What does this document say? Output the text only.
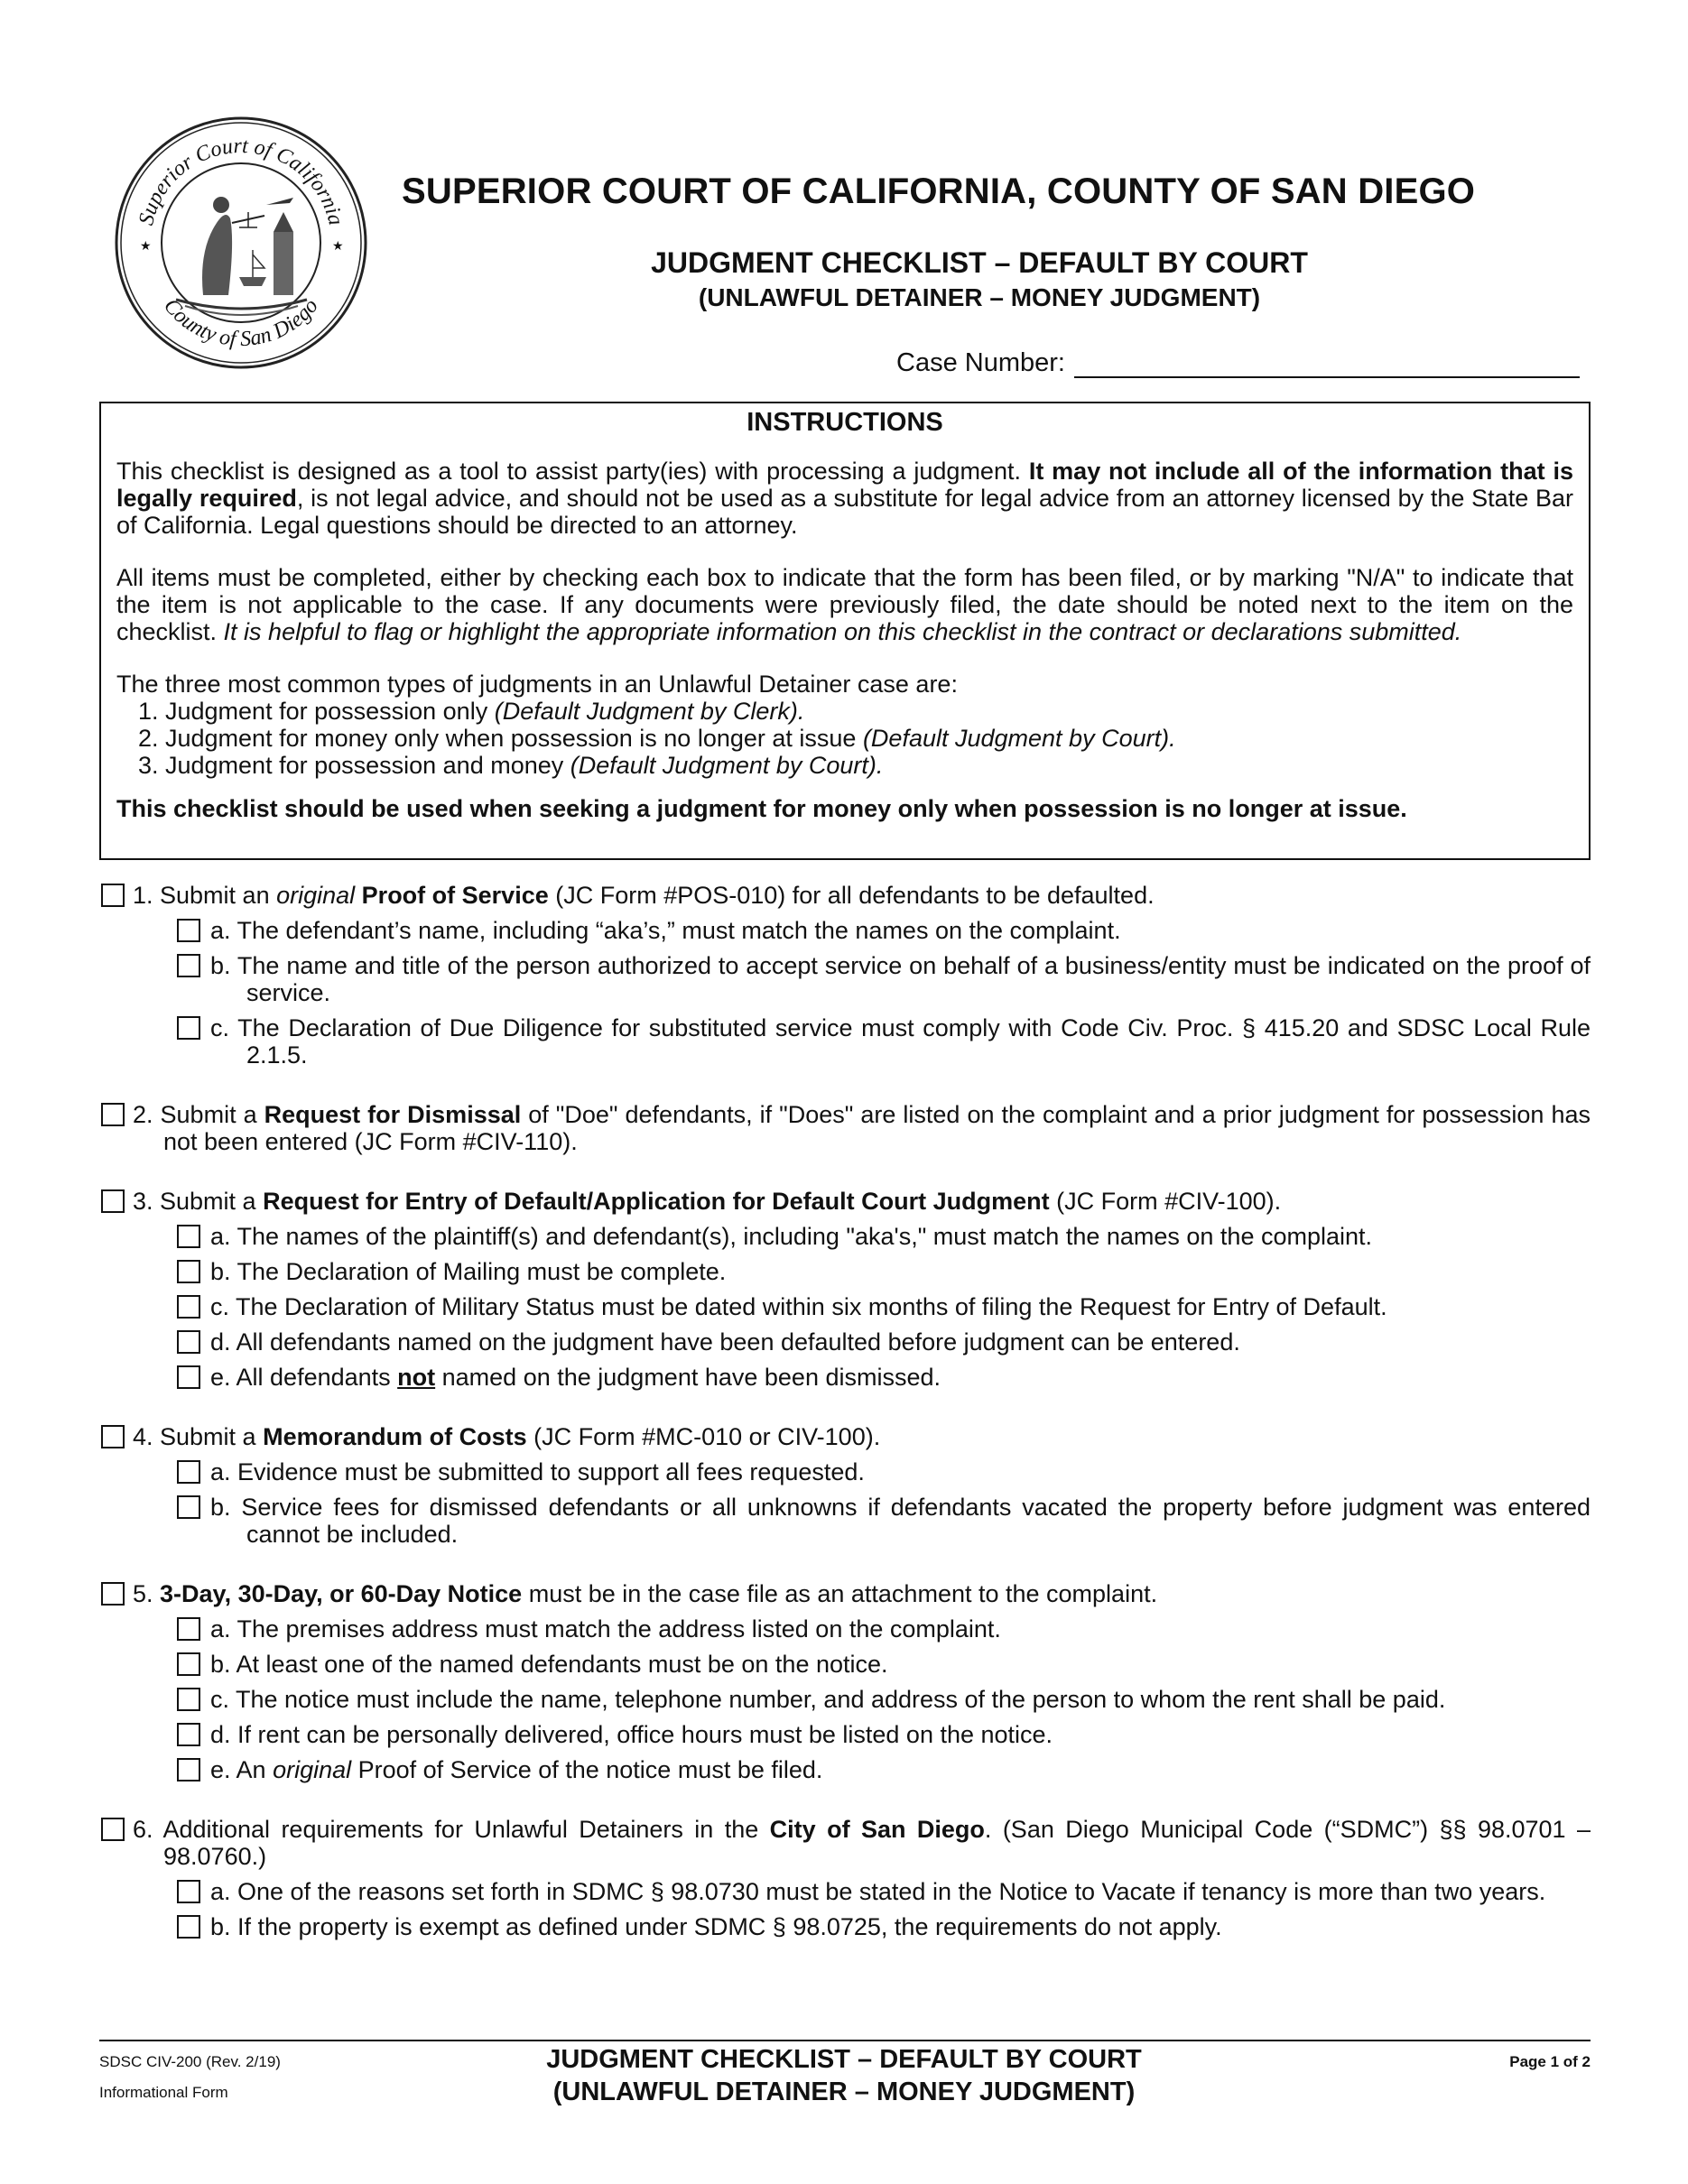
Superior Court of California
County of San Diego
★	★
SUPERIOR COURT OF CALIFORNIA, COUNTY OF SAN DIEGO
JUDGMENT CHECKLIST – DEFAULT BY COURT
(UNLAWFUL DETAINER – MONEY JUDGMENT)
Case Number:
INSTRUCTIONS

This checklist is designed as a tool to assist party(ies) with processing a judgment. It may not include all of the information that is legally required, is not legal advice, and should not be used as a substitute for legal advice from an attorney licensed by the State Bar of California. Legal questions should be directed to an attorney.

All items must be completed, either by checking each box to indicate that the form has been filed, or by marking "N/A" to indicate that the item is not applicable to the case. If any documents were previously filed, the date should be noted next to the item on the checklist. It is helpful to flag or highlight the appropriate information on this checklist in the contract or declarations submitted.

The three most common types of judgments in an Unlawful Detainer case are:

1. Judgment for possession only (Default Judgment by Clerk).
2. Judgment for money only when possession is no longer at issue (Default Judgment by Court).
3. Judgment for possession and money (Default Judgment by Court).

This checklist should be used when seeking a judgment for money only when possession is no longer at issue.

1. Submit an original Proof of Service (JC Form #POS-010) for all defendants to be defaulted.
a. The defendant’s name, including “aka’s,” must match the names on the complaint.
b. The name and title of the person authorized to accept service on behalf of a business/entity must be indicated on the proof of service.
c. The Declaration of Due Diligence for substituted service must comply with Code Civ. Proc. § 415.20 and SDSC Local Rule 2.1.5.
2. Submit a Request for Dismissal of "Doe" defendants, if "Does" are listed on the complaint and a prior judgment for possession has not been entered (JC Form #CIV-110).
3. Submit a Request for Entry of Default/Application for Default Court Judgment (JC Form #CIV-100).
a. The names of the plaintiff(s) and defendant(s), including "aka's," must match the names on the complaint.
b. The Declaration of Mailing must be complete.
c. The Declaration of Military Status must be dated within six months of filing the Request for Entry of Default.
d. All defendants named on the judgment have been defaulted before judgment can be entered.
e. All defendants not named on the judgment have been dismissed.
4. Submit a Memorandum of Costs (JC Form #MC-010 or CIV-100).
a. Evidence must be submitted to support all fees requested.
b. Service fees for dismissed defendants or all unknowns if defendants vacated the property before judgment was entered cannot be included.
5. 3-Day, 30-Day, or 60-Day Notice must be in the case file as an attachment to the complaint.
a. The premises address must match the address listed on the complaint.
b. At least one of the named defendants must be on the notice.
c. The notice must include the name, telephone number, and address of the person to whom the rent shall be paid.
d. If rent can be personally delivered, office hours must be listed on the notice.
e. An original Proof of Service of the notice must be filed.
6. Additional requirements for Unlawful Detainers in the City of San Diego. (San Diego Municipal Code (“SDMC”) §§ 98.0701 – 98.0760.)
a. One of the reasons set forth in SDMC § 98.0730 must be stated in the Notice to Vacate if tenancy is more than two years.
b. If the property is exempt as defined under SDMC § 98.0725, the requirements do not apply.
SDSC CIV-200 (Rev. 2/19)
Informational Form
JUDGMENT CHECKLIST – DEFAULT BY COURT
(UNLAWFUL DETAINER – MONEY JUDGMENT)
Page 1 of 2
